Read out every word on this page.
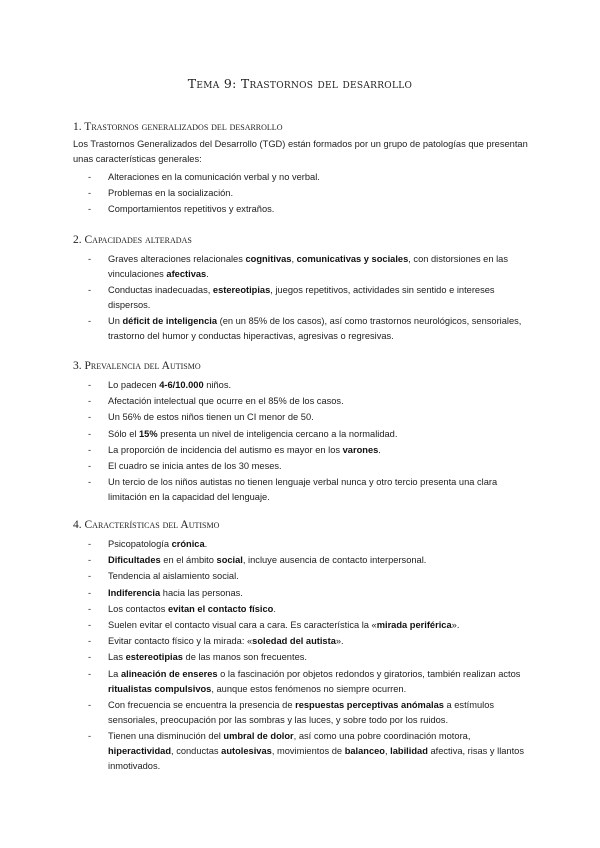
Tema 9: Trastornos del desarrollo
1. Trastornos generalizados del desarrollo
Los Trastornos Generalizados del Desarrollo (TGD) están formados por un grupo de patologías que presentan unas características generales:
- Alteraciones en la comunicación verbal y no verbal.
- Problemas en la socialización.
- Comportamientos repetitivos y extraños.
2. Capacidades alteradas
- Graves alteraciones relacionales cognitivas, comunicativas y sociales, con distorsiones en las vinculaciones afectivas.
- Conductas inadecuadas, estereotipias, juegos repetitivos, actividades sin sentido e intereses dispersos.
- Un déficit de inteligencia (en un 85% de los casos), así como trastornos neurológicos, sensoriales, trastorno del humor y conductas hiperactivas, agresivas o regresivas.
3. Prevalencia del Autismo
- Lo padecen 4-6/10.000 niños.
- Afectación intelectual que ocurre en el 85% de los casos.
- Un 56% de estos niños tienen un CI menor de 50.
- Sólo el 15% presenta un nivel de inteligencia cercano a la normalidad.
- La proporción de incidencia del autismo es mayor en los varones.
- El cuadro se inicia antes de los 30 meses.
- Un tercio de los niños autistas no tienen lenguaje verbal nunca y otro tercio presenta una clara limitación en la capacidad del lenguaje.
4. Características del Autismo
- Psicopatología crónica.
- Dificultades en el ámbito social, incluye ausencia de contacto interpersonal.
- Tendencia al aislamiento social.
- Indiferencia hacia las personas.
- Los contactos evitan el contacto físico.
- Suelen evitar el contacto visual cara a cara. Es característica la «mirada periférica».
- Evitar contacto físico y la mirada: «soledad del autista».
- Las estereotipias de las manos son frecuentes.
- La alineación de enseres o la fascinación por objetos redondos y giratorios, también realizan actos ritualistas compulsivos, aunque estos fenómenos no siempre ocurren.
- Con frecuencia se encuentra la presencia de respuestas perceptivas anómalas a estímulos sensoriales, preocupación por las sombras y las luces, y sobre todo por los ruidos.
- Tienen una disminución del umbral de dolor, así como una pobre coordinación motora, hiperactividad, conductas autolesivas, movimientos de balanceo, labilidad afectiva, risas y llantos inmotivados.
